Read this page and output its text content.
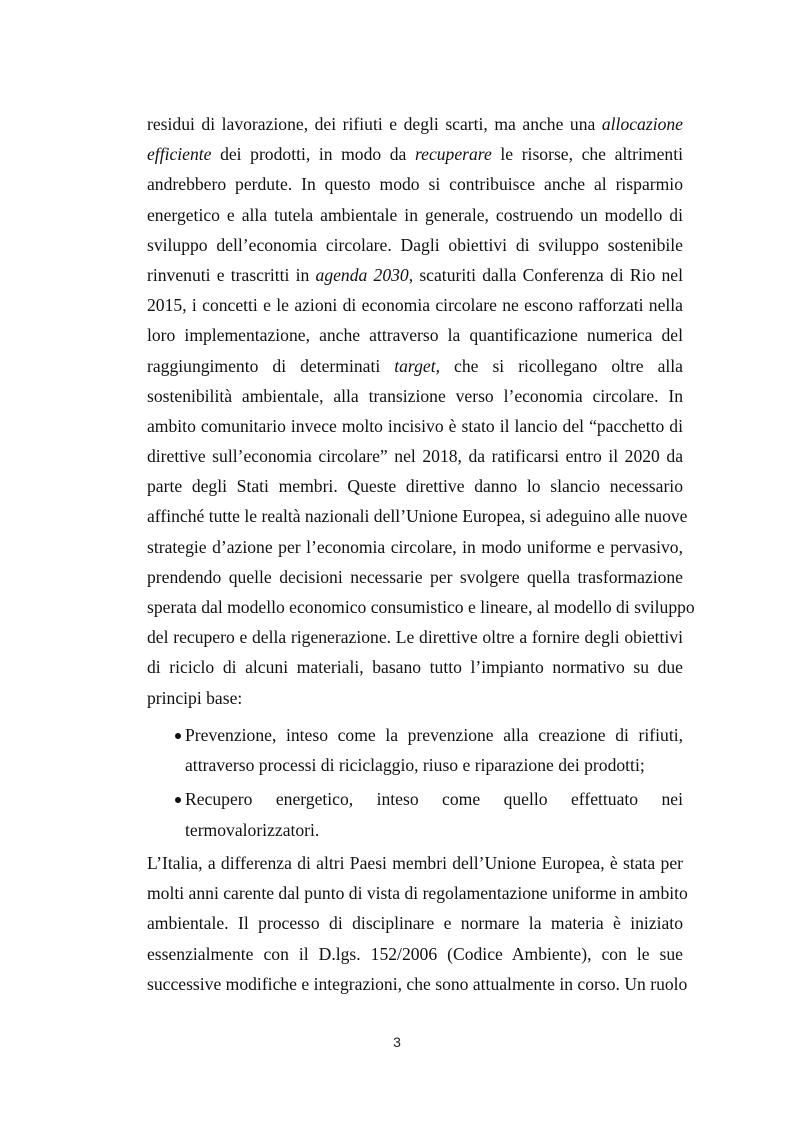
residui di lavorazione, dei rifiuti e degli scarti, ma anche una allocazione
efficiente dei prodotti, in modo da recuperare le risorse, che altrimenti
andrebbero perdute. In questo modo si contribuisce anche al risparmio
energetico e alla tutela ambientale in generale, costruendo un modello di
sviluppo dell’economia circolare. Dagli obiettivi di sviluppo sostenibile
rinvenuti e trascritti in agenda 2030, scaturiti dalla Conferenza di Rio nel
2015, i concetti e le azioni di economia circolare ne escono rafforzati nella
loro implementazione, anche attraverso la quantificazione numerica del
raggiungimento di determinati target, che si ricollegano oltre alla
sostenibilità ambientale, alla transizione verso l’economia circolare. In
ambito comunitario invece molto incisivo è stato il lancio del “pacchetto di
direttive sull’economia circolare” nel 2018, da ratificarsi entro il 2020 da
parte degli Stati membri. Queste direttive danno lo slancio necessario
affinché tutte le realtà nazionali dell’Unione Europea, si adeguino alle nuove
strategie d’azione per l’economia circolare, in modo uniforme e pervasivo,
prendendo quelle decisioni necessarie per svolgere quella trasformazione
sperata dal modello economico consumistico e lineare, al modello di sviluppo
del recupero e della rigenerazione. Le direttive oltre a fornire degli obiettivi
di riciclo di alcuni materiali, basano tutto l’impianto normativo su due
principi base:
Prevenzione, inteso come la prevenzione alla creazione di rifiuti,
attraverso processi di riciclaggio, riuso e riparazione dei prodotti;
Recupero energetico, inteso come quello effettuato nei
termovalorizzatori.
L’Italia, a differenza di altri Paesi membri dell’Unione Europea, è stata per
molti anni carente dal punto di vista di regolamentazione uniforme in ambito
ambientale. Il processo di disciplinare e normare la materia è iniziato
essenzialmente con il D.lgs. 152/2006 (Codice Ambiente), con le sue
successive modifiche e integrazioni, che sono attualmente in corso. Un ruolo
3
